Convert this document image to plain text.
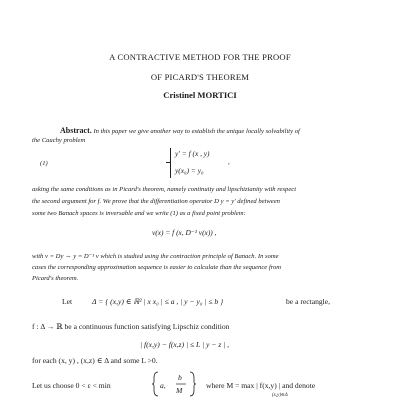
A CONTRACTIVE METHOD FOR THE PROOF
OF PICARD'S THEOREM
Cristinel MORTICI
Abstract. In this paper we give another way to establish the unique locally solvability of
the Cauchy problem
(1)
y′ = f (x , y)
y(x₀) = y₀
,
asking the same conditions as in Picard's theorem, namely continuity and lipschizianity with respect
the second argument for f. We prove that the differentiation operator D y = y′ defined between
some two Banach spaces is inversable and we write (1) as a fixed point problem:
v(x) = f (x, D⁻¹ v(x)) ,
with v = Dy ⇔ y = D⁻¹ v which is studied using the contraction principle of Banach. In some
cases the corresponding approximation sequence is easier to calculate than the sequence from
Picard's theorem.
Let	Δ = { (x,y) ∈ ℝ² | x x₀ | ≤ a , | y − y₀ | ≤ b }	be a rectangle,
f : Δ → ℝ be a continuous function satisfying Lipschiz condition
| f(x,y) − f(x,z) | ≤ L | y − z | ,
for each (x, y) , (x,z) ∈ Δ and some L >0.
Let us choose 0 < ε < min	a,
b
M
where M = max | f(x,y) | and denote
(x,y)∈Δ
